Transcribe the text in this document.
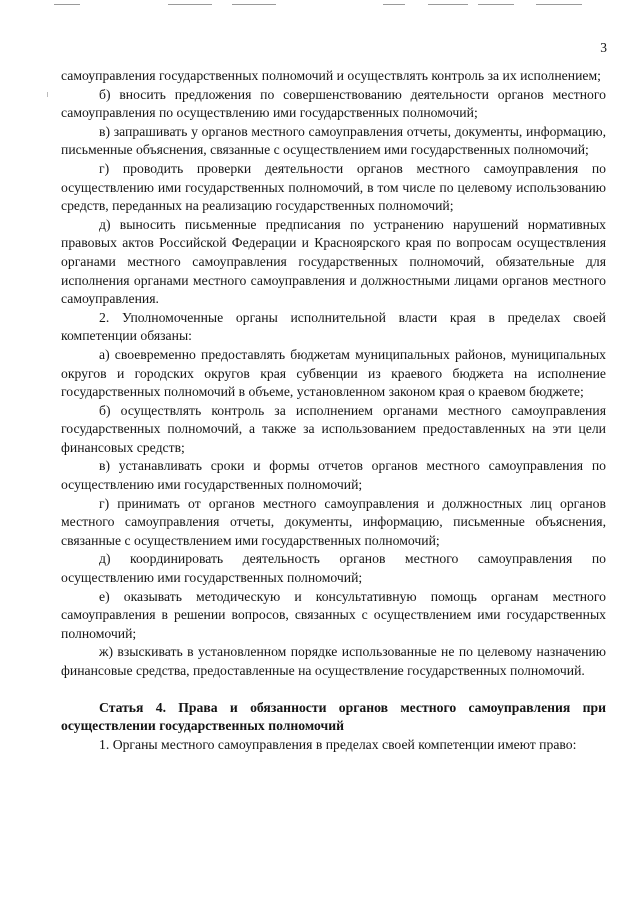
3

самоуправления государственных полномочий и осуществлять контроль за их исполнением;

б) вносить предложения по совершенствованию деятельности органов местного самоуправления по осуществлению ими государственных полномочий;

в) запрашивать у органов местного самоуправления отчеты, документы, информацию, письменные объяснения, связанные с осуществлением ими государственных полномочий;

г) проводить проверки деятельности органов местного самоуправления по осуществлению ими государственных полномочий, в том числе по целевому использованию средств, переданных на реализацию государственных полномочий;

д) выносить письменные предписания по устранению нарушений нормативных правовых актов Российской Федерации и Красноярского края по вопросам осуществления органами местного самоуправления государственных полномочий, обязательные для исполнения органами местного самоуправления и должностными лицами органов местного самоуправления.

2. Уполномоченные органы исполнительной власти края в пределах своей компетенции обязаны:

а) своевременно предоставлять бюджетам муниципальных районов, муниципальных округов и городских округов края субвенции из краевого бюджета на исполнение государственных полномочий в объеме, установленном законом края о краевом бюджете;

б) осуществлять контроль за исполнением органами местного самоуправления государственных полномочий, а также за использованием предоставленных на эти цели финансовых средств;

в) устанавливать сроки и формы отчетов органов местного самоуправления по осуществлению ими государственных полномочий;

г) принимать от органов местного самоуправления и должностных лиц органов местного самоуправления отчеты, документы, информацию, письменные объяснения, связанные с осуществлением ими государственных полномочий;

д) координировать деятельность органов местного самоуправления по осуществлению ими государственных полномочий;

е) оказывать методическую и консультативную помощь органам местного самоуправления в решении вопросов, связанных с осуществлением ими государственных полномочий;

ж) взыскивать в установленном порядке использованные не по целевому назначению финансовые средства, предоставленные на осуществление государственных полномочий.

Статья 4. Права и обязанности органов местного самоуправления при осуществлении государственных полномочий

1. Органы местного самоуправления в пределах своей компетенции имеют право:
